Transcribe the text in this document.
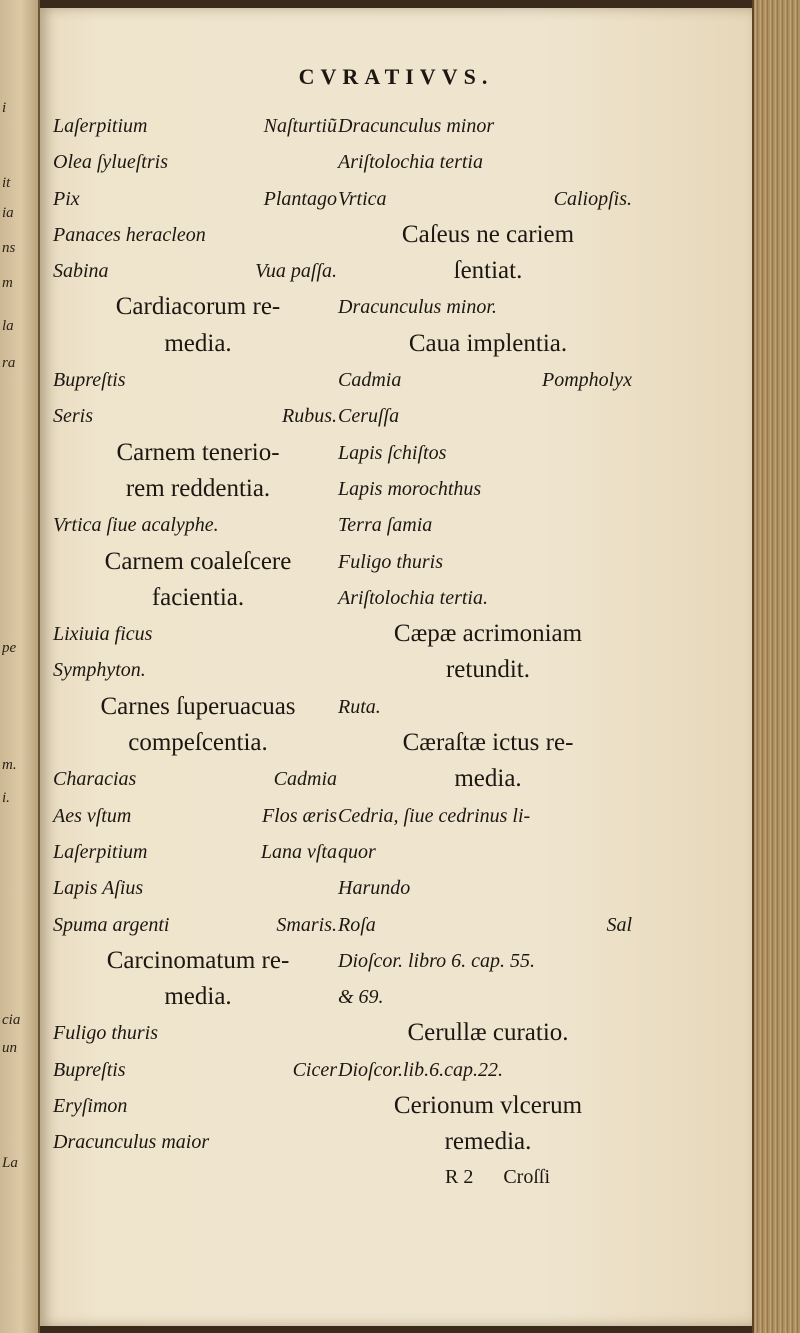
i
it
ia
ns
m
la
ra
pe
m.
i.
cia
un
La
CVRATIVVS.
Laſerpitium	Naſturtiũ
Olea ſylueſtris
Pix	Plantago
Panaces heracleon
Sabina	Vua paſſa.
Cardiacorum re-
media.
Bupreſtis
Seris	Rubus.
Carnem tenerio-
rem reddentia.
Vrtica ſiue acalyphe.
Carnem coaleſcere
facientia.
Lixiuia ficus
Symphyton.
Carnes ſuperuacuas
compeſcentia.
Characias	Cadmia
Aes vſtum	Flos æris
Laſerpitium	Lana vſta
Lapis Aſius
Spuma argenti	Smaris.
Carcinomatum re-
media.
Fuligo thuris
Bupreſtis	Cicer
Eryſimon
Dracunculus maior
Dracunculus minor
Ariſtolochia tertia
Vrtica	Caliopſis.
Caſeus ne cariem
ſentiat.
Dracunculus minor.
Caua implentia.
Cadmia	Pompholyx
Ceruſſa
Lapis ſchiſtos
Lapis morochthus
Terra ſamia
Fuligo thuris
Ariſtolochia tertia.
Cæpæ acrimoniam
retundit.
Ruta.
Cæraſtæ ictus re-
media.
Cedria, ſiue cedrinus li-
quor
Harundo
Roſa	Sal
Dioſcor. libro 6. cap. 55.
& 69.
Cerullæ curatio.
Dioſcor.lib.6.cap.22.
Cerionum vlcerum
remedia.
R 2 Croſſi
